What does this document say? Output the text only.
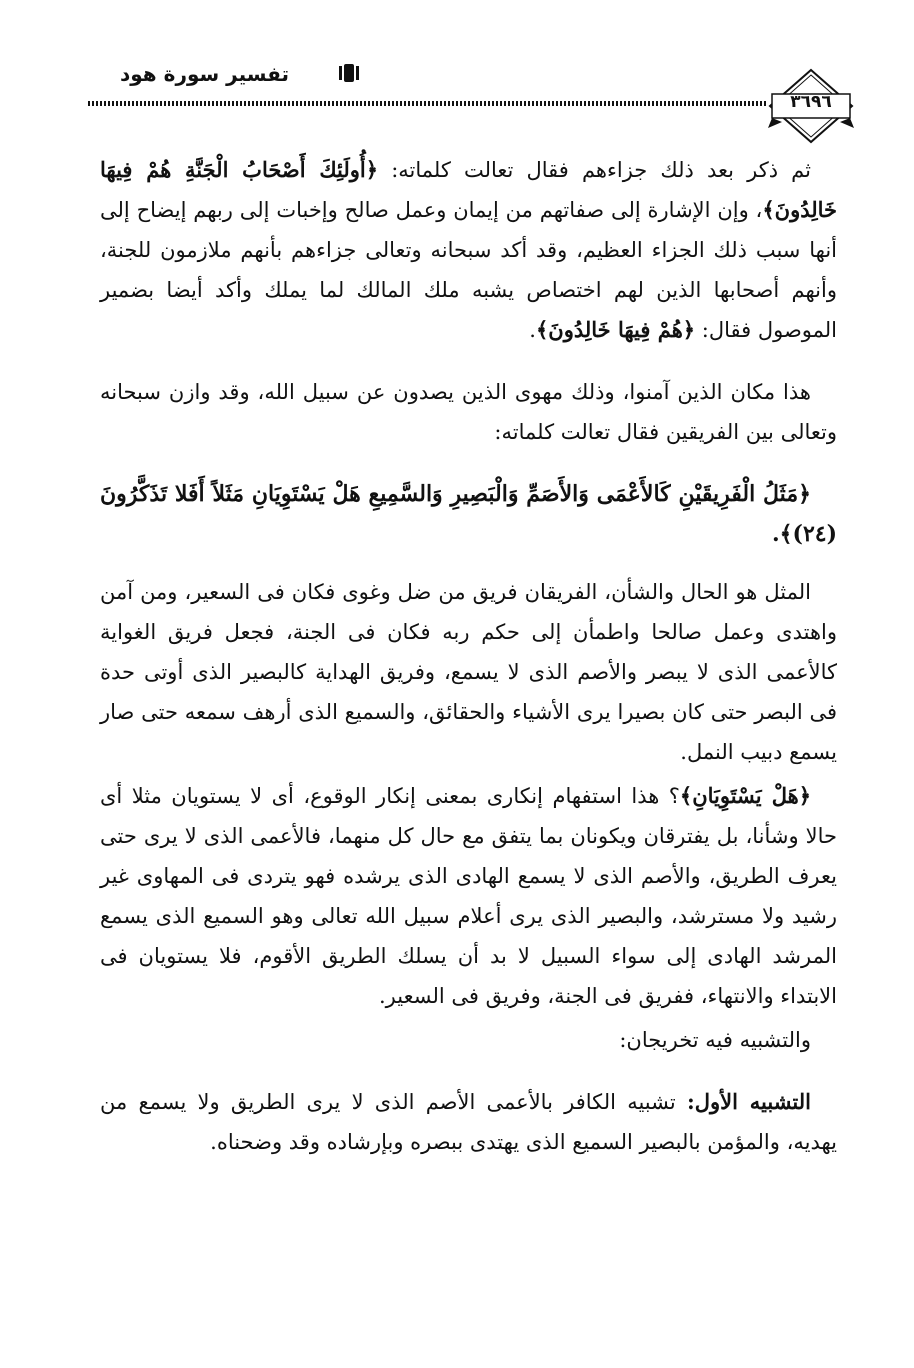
تفسير سورة هود
٣٦٩٦

ثم ذكر بعد ذلك جزاءهم فقال تعالت كلماته: ﴿أُولَئِكَ أَصْحَابُ الْجَنَّةِ هُمْ فِيهَا خَالِدُونَ﴾، وإن الإشارة إلى صفاتهم من إيمان وعمل صالح وإخبات إلى ربهم إيضاح إلى أنها سبب ذلك الجزاء العظيم، وقد أكد سبحانه وتعالى جزاءهم بأنهم ملازمون للجنة، وأنهم أصحابها الذين لهم اختصاص يشبه ملك المالك لما يملك وأكد أيضا بضمير الموصول فقال: ﴿هُمْ فِيهَا خَالِدُونَ﴾.

هذا مكان الذين آمنوا، وذلك مهوى الذين يصدون عن سبيل الله، وقد وازن سبحانه وتعالى بين الفريقين فقال تعالت كلماته:

﴿مَثَلُ الْفَرِيقَيْنِ كَالأَعْمَى وَالأَصَمِّ وَالْبَصِيرِ وَالسَّمِيعِ هَلْ يَسْتَوِيَانِ مَثَلاً أَفَلا تَذَكَّرُونَ (٢٤)﴾.

المثل هو الحال والشأن، الفريقان فريق من ضل وغوى فكان فى السعير، ومن آمن واهتدى وعمل صالحا واطمأن إلى حكم ربه فكان فى الجنة، فجعل فريق الغواية كالأعمى الذى لا يبصر والأصم الذى لا يسمع، وفريق الهداية كالبصير الذى أوتى حدة فى البصر حتى كان بصيرا يرى الأشياء والحقائق، والسميع الذى أرهف سمعه حتى صار يسمع دبيب النمل.

﴿هَلْ يَسْتَوِيَانِ﴾؟ هذا استفهام إنكارى بمعنى إنكار الوقوع، أى لا يستويان مثلا أى حالا وشأنا، بل يفترقان ويكونان بما يتفق مع حال كل منهما، فالأعمى الذى لا يرى حتى يعرف الطريق، والأصم الذى لا يسمع الهادى الذى يرشده فهو يتردى فى المهاوى غير رشيد ولا مسترشد، والبصير الذى يرى أعلام سبيل الله تعالى وهو السميع الذى يسمع المرشد الهادى إلى سواء السبيل لا بد أن يسلك الطريق الأقوم، فلا يستويان فى الابتداء والانتهاء، ففريق فى الجنة، وفريق فى السعير.

والتشبيه فيه تخريجان:

التشبيه الأول: تشبيه الكافر بالأعمى الأصم الذى لا يرى الطريق ولا يسمع من يهديه، والمؤمن بالبصير السميع الذى يهتدى ببصره وبإرشاده وقد وضحناه.
